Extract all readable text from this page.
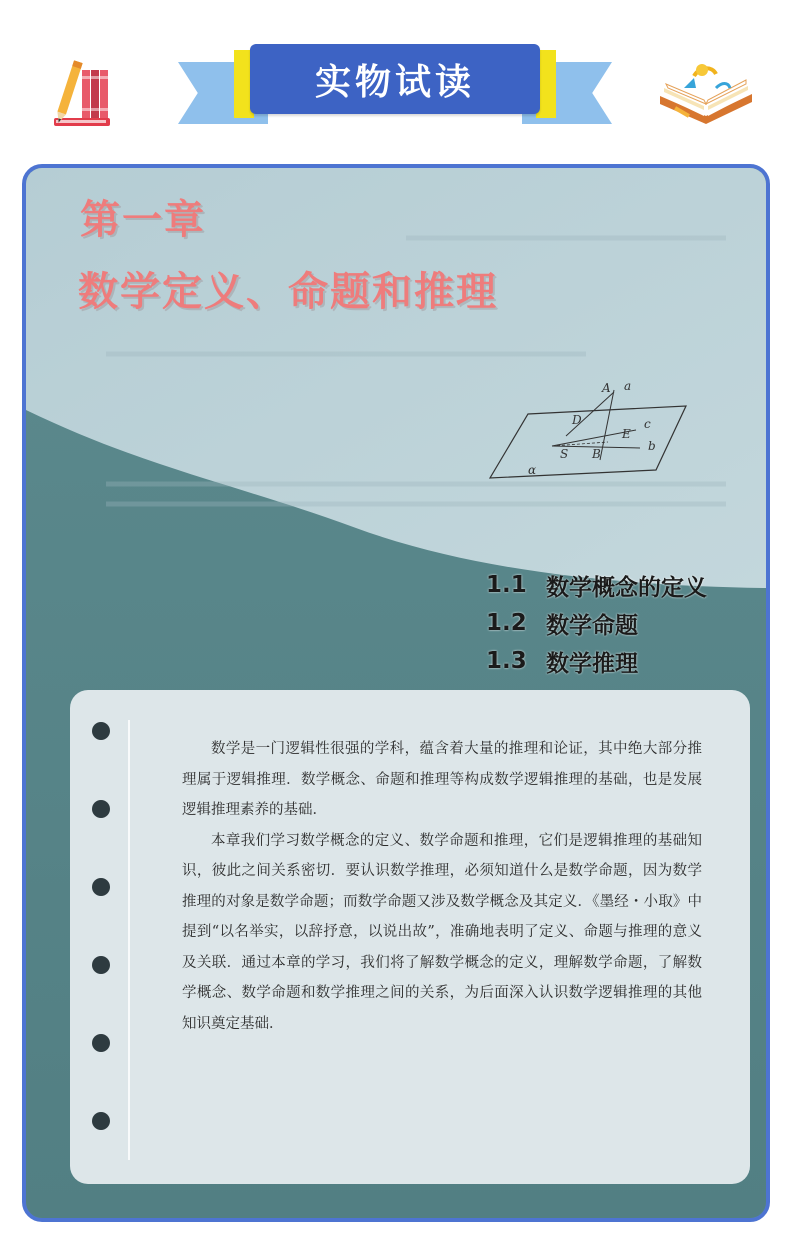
实物试读
第一章
数学定义、命题和推理
A a
D	c
E
S B
b
α
1.1 数学概念的定义
1.2 数学命题
1.3 数学推理

数学是一门逻辑性很强的学科，蕴含着大量的推理和论证，其中绝大部分推理属于逻辑推理．数学概念、命题和推理等构成数学逻辑推理的基础，也是发展逻辑推理素养的基础．

本章我们学习数学概念的定义、数学命题和推理，它们是逻辑推理的基础知识，彼此之间关系密切．要认识数学推理，必须知道什么是数学命题，因为数学推理的对象是数学命题；而数学命题又涉及数学概念及其定义．《墨经・小取》中提到“以名举实，以辞抒意，以说出故”，准确地表明了定义、命题与推理的意义及关联．通过本章的学习，我们将了解数学概念的定义，理解数学命题，了解数学概念、数学命题和数学推理之间的关系，为后面深入认识数学逻辑推理的其他知识奠定基础．
